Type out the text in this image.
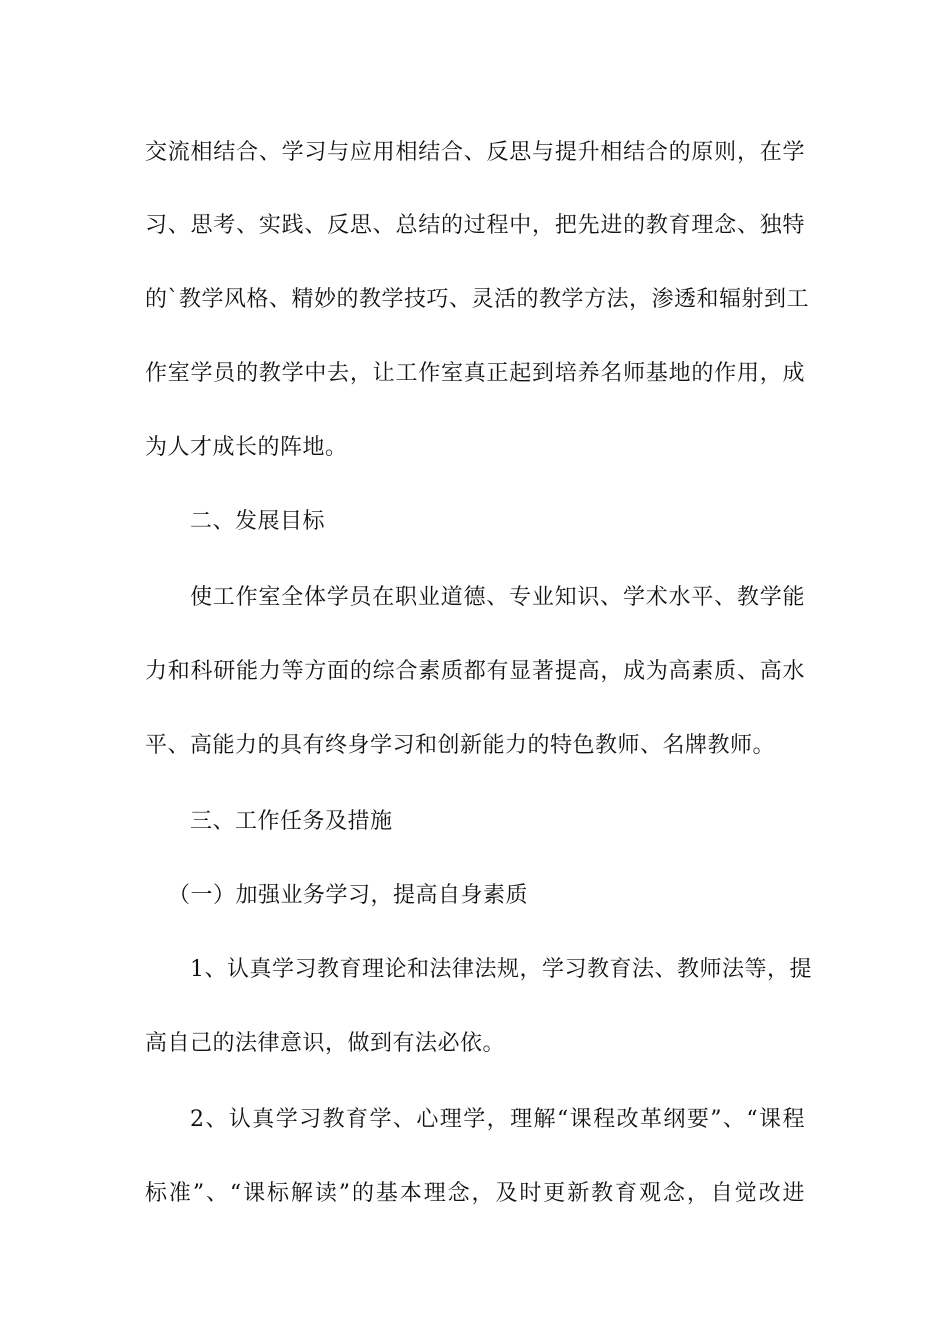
交流相结合、学习与应用相结合、反思与提升相结合的原则，在学
习、思考、实践、反思、总结的过程中，把先进的教育理念、独特
的`教学风格、精妙的教学技巧、灵活的教学方法，渗透和辐射到工
作室学员的教学中去，让工作室真正起到培养名师基地的作用，成
为人才成长的阵地。
二、发展目标
使工作室全体学员在职业道德、专业知识、学术水平、教学能
力和科研能力等方面的综合素质都有显著提高，成为高素质、高水
平、高能力的具有终身学习和创新能力的特色教师、名牌教师。
三、工作任务及措施
（一）加强业务学习，提高自身素质
1、认真学习教育理论和法律法规，学习教育法、教师法等，提
高自己的法律意识，做到有法必依。
2、认真学习教育学、心理学，理解“课程改革纲要”、“课程
标准”、“课标解读”的基本理念，及时更新教育观念，自觉改进
